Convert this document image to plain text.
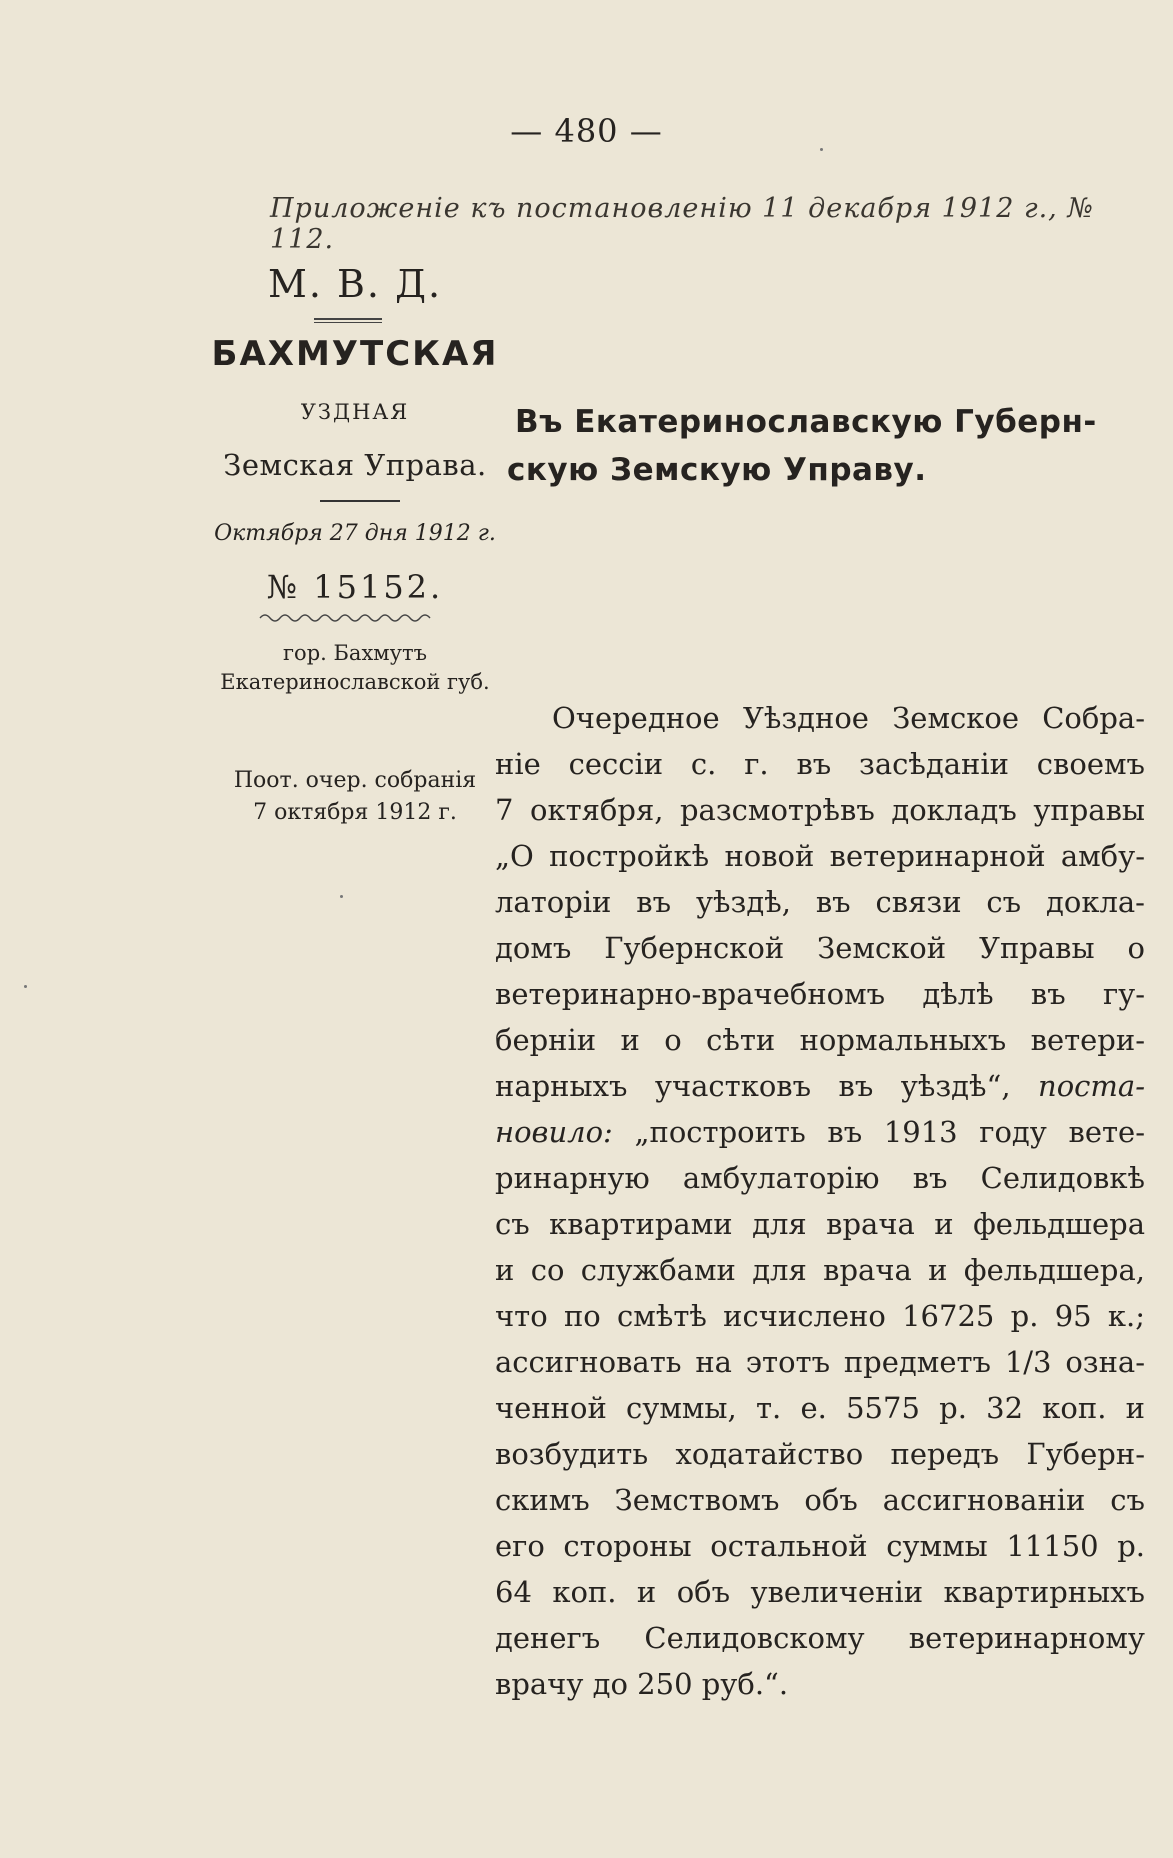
— 480 —
Приложеніе къ постановленію 11 декабря 1912 г., № 112.
М. В. Д.
БАХМУТСКАЯ
УЗДНАЯ
Земская Управа.
Октября 27 дня 1912 г.
№ 15152.
гор. Бахмутъ
Екатеринославской губ.
Поот. очер. собранія
7 октября 1912 г.
Въ Екатеринославскую Губерн-
скую Земскую Управу.
Очередное Уѣздное Земское Собра-
ніе сессіи с. г. въ засѣданіи своемъ
7 октября, разсмотрѣвъ докладъ управы
„О постройкѣ новой ветеринарной амбу-
латоріи въ уѣздѣ, въ связи съ докла-
домъ Губернской Земской Управы о
ветеринарно-врачебномъ дѣлѣ въ гу-
берніи и о сѣти нормальныхъ ветери-
нарныхъ участковъ въ уѣздѣ“, поста-
новило: „построить въ 1913 году вете-
ринарную амбулаторію въ Селидовкѣ
съ квартирами для врача и фельдшера
и со службами для врача и фельдшера,
что по смѣтѣ исчислено 16725 р. 95 к.;
ассигновать на этотъ предметъ 1/3 озна-
ченной суммы, т. е. 5575 р. 32 коп. и
возбудить ходатайство передъ Губерн-
скимъ Земствомъ объ ассигнованіи съ
его стороны остальной суммы 11150 р.
64 коп. и объ увеличеніи квартирныхъ
денегъ Селидовскому ветеринарному
врачу до 250 руб.“.
